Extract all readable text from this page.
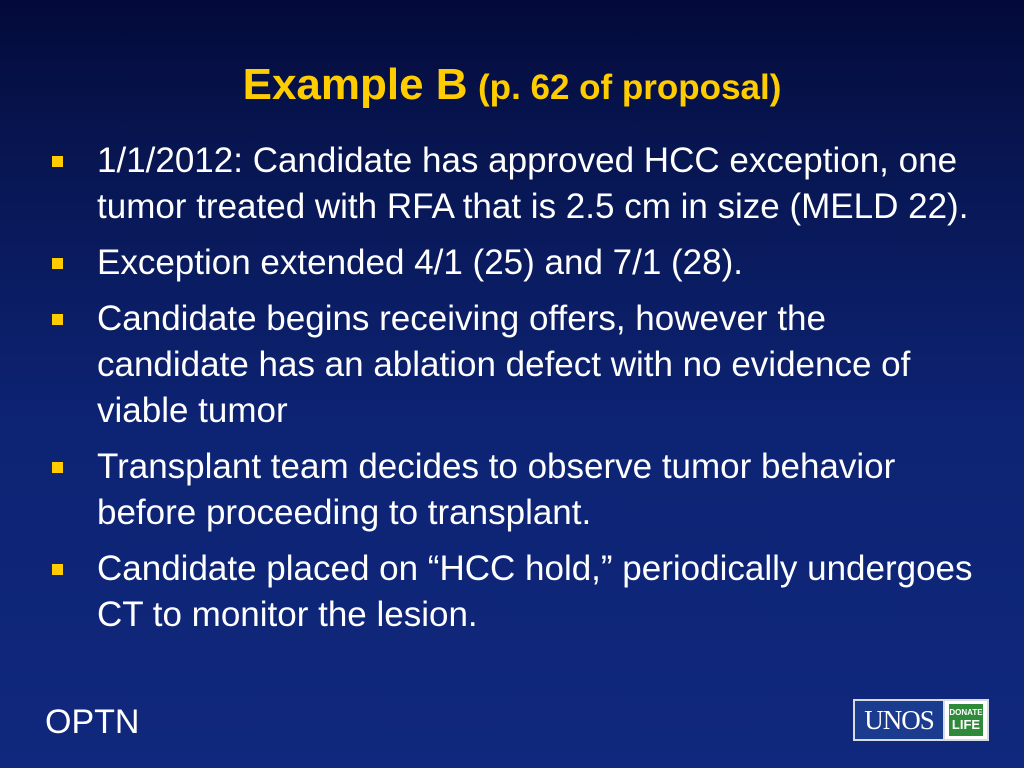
Example B (p. 62 of proposal)
1/1/2012: Candidate has approved HCC exception, one tumor treated with RFA that is 2.5 cm in size (MELD 22).
Exception extended 4/1 (25) and 7/1 (28).
Candidate begins receiving offers, however the candidate has an ablation defect with no evidence of viable tumor
Transplant team decides to observe tumor behavior before proceeding to transplant.
Candidate placed on “HCC hold,” periodically undergoes CT to monitor the lesion.
OPTN	UNOS	DONATE
LIFE
